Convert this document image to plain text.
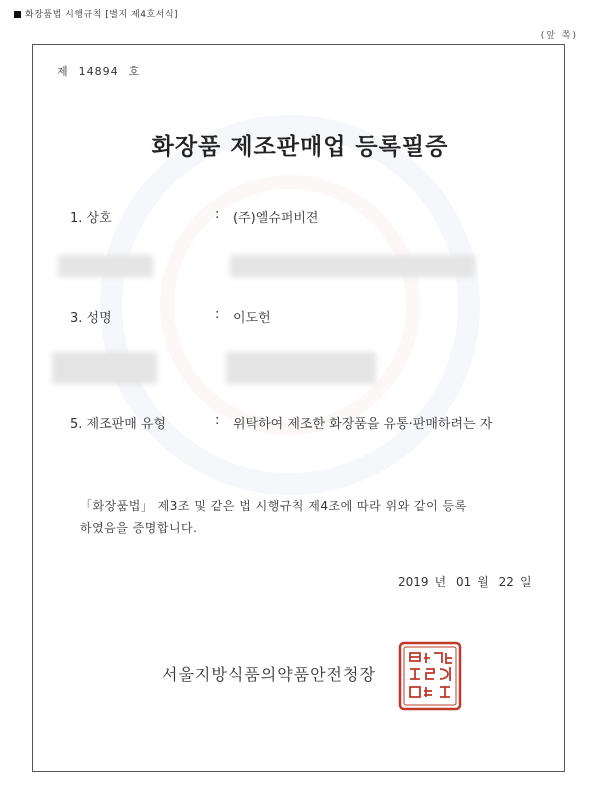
화장품법 시행규칙 [별지 제4호서식]
(앞 쪽)
제 14894 호
화장품 제조판매업 등록필증
1. 상호	:	(주)엘슈퍼비젼
3. 성명	:	이도헌
5. 제조판매 유형	:	위탁하여 제조한 화장품을 유통·판매하려는 자
「화장품법」 제3조 및 같은 법 시행규칙 제4조에 따라 위와 같이 등록
하였음을 증명합니다.
2019 년 01 월 22 일
서울지방식품의약품안전청장
